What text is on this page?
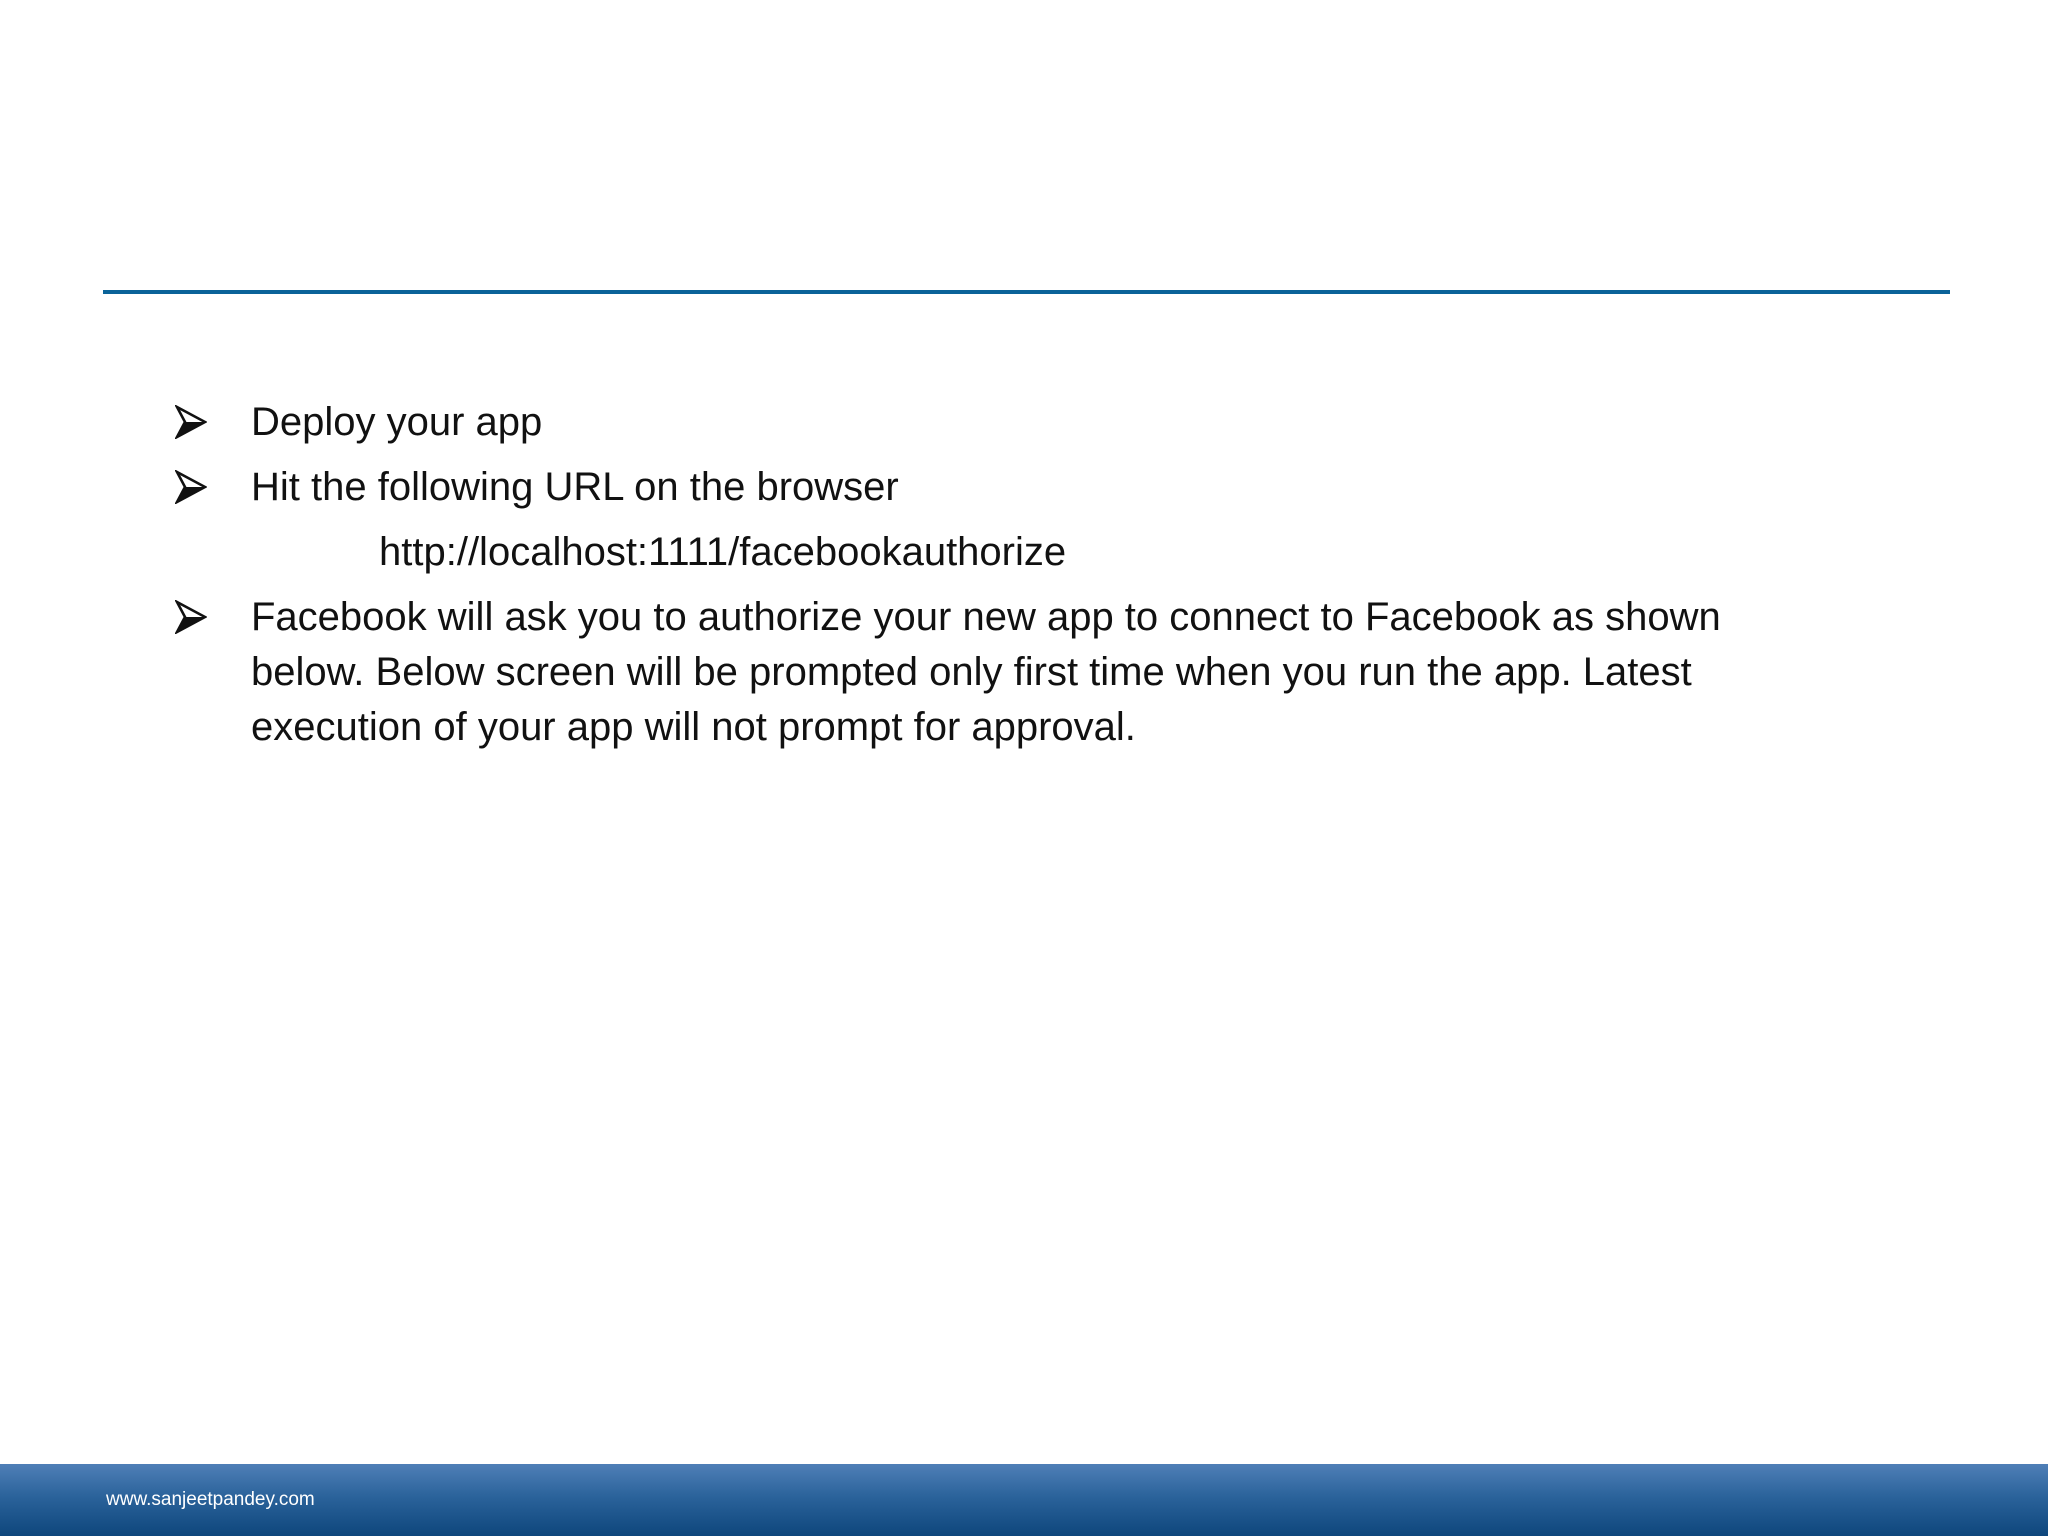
Deploy your app
Hit the following URL on the browser
http://localhost:1111/facebookauthorize
Facebook will ask you to authorize your new app to connect to Facebook as shown below. Below screen will be prompted only first time when you run the app. Latest execution of your app will not prompt for approval.
www.sanjeetpandey.com
